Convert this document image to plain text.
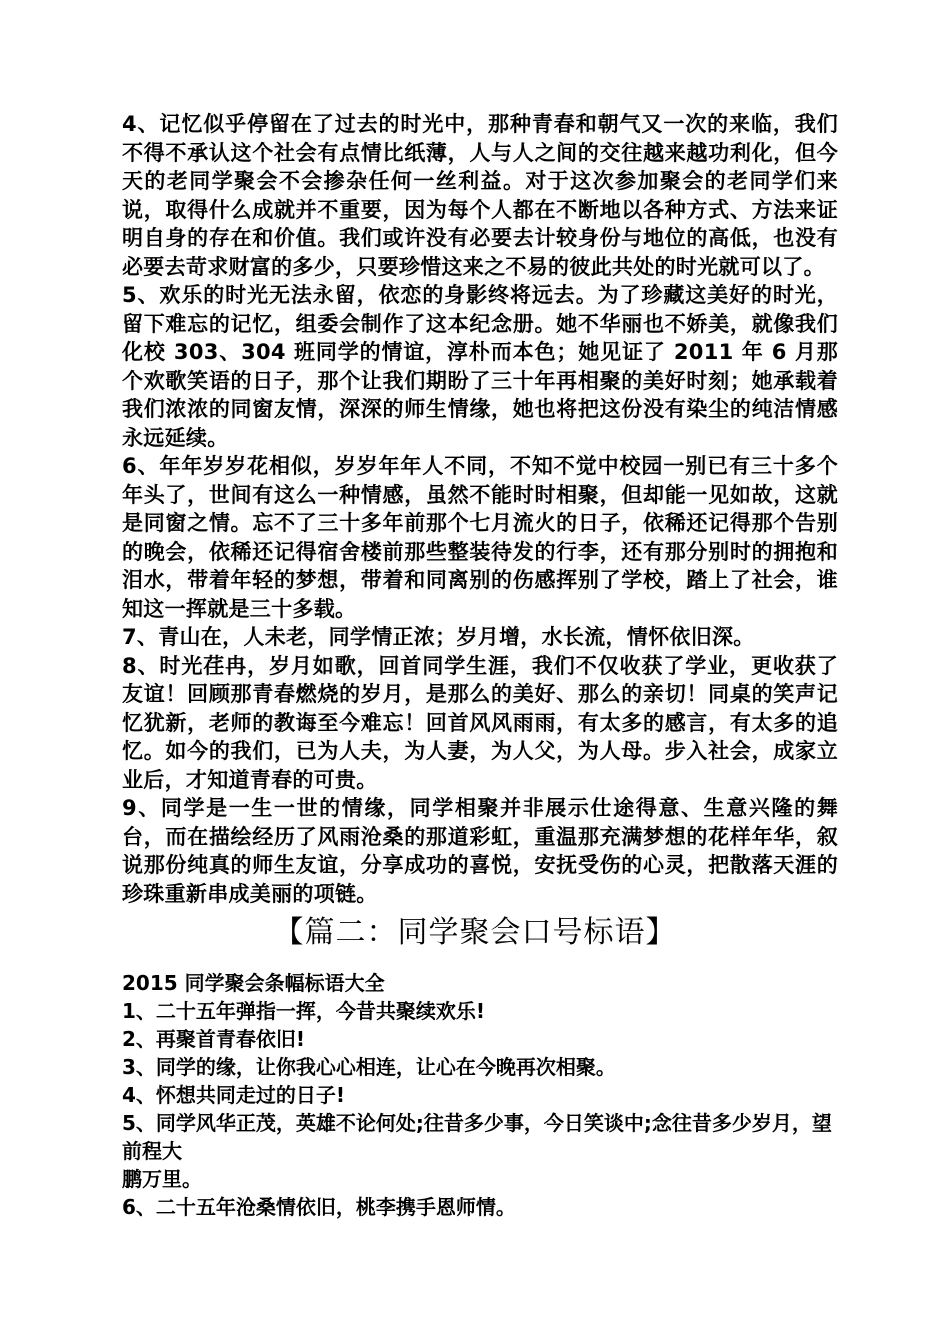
4、记忆似乎停留在了过去的时光中，那种青春和朝气又一次的来临，我们不得不承认这个社会有点情比纸薄，人与人之间的交往越来越功利化，但今天的老同学聚会不会掺杂任何一丝利益。对于这次参加聚会的老同学们来说，取得什么成就并不重要，因为每个人都在不断地以各种方式、方法来证明自身的存在和价值。我们或许没有必要去计较身份与地位的高低，也没有必要去苛求财富的多少，只要珍惜这来之不易的彼此共处的时光就可以了。

5、欢乐的时光无法永留，依恋的身影终将远去。为了珍藏这美好的时光，留下难忘的记忆，组委会制作了这本纪念册。她不华丽也不娇美，就像我们化校 303、304 班同学的情谊，淳朴而本色；她见证了 2011 年 6 月那个欢歌笑语的日子，那个让我们期盼了三十年再相聚的美好时刻；她承载着我们浓浓的同窗友情，深深的师生情缘，她也将把这份没有染尘的纯洁情感永远延续。

6、年年岁岁花相似，岁岁年年人不同，不知不觉中校园一别已有三十多个年头了，世间有这么一种情感，虽然不能时时相聚，但却能一见如故，这就是同窗之情。忘不了三十多年前那个七月流火的日子，依稀还记得那个告别的晚会，依稀还记得宿舍楼前那些整装待发的行李，还有那分别时的拥抱和泪水，带着年轻的梦想，带着和同离别的伤感挥别了学校，踏上了社会，谁知这一挥就是三十多载。

7、青山在，人未老，同学情正浓；岁月增，水长流，情怀依旧深。

8、时光荏冉，岁月如歌，回首同学生涯，我们不仅收获了学业，更收获了友谊！回顾那青春燃烧的岁月，是那么的美好、那么的亲切！同桌的笑声记忆犹新，老师的教诲至今难忘！回首风风雨雨，有太多的感言，有太多的追忆。如今的我们，已为人夫，为人妻，为人父，为人母。步入社会，成家立业后，才知道青春的可贵。

9、同学是一生一世的情缘，同学相聚并非展示仕途得意、生意兴隆的舞台，而在描绘经历了风雨沧桑的那道彩虹，重温那充满梦想的花样年华，叙说那份纯真的师生友谊，分享成功的喜悦，安抚受伤的心灵，把散落天涯的珍珠重新串成美丽的项链。

【篇二：同学聚会口号标语】

2015 同学聚会条幅标语大全

1、二十五年弹指一挥，今昔共聚续欢乐!

2、再聚首青春依旧!

3、同学的缘，让你我心心相连，让心在今晚再次相聚。

4、怀想共同走过的日子!

5、同学风华正茂，英雄不论何处;往昔多少事，今日笑谈中;念往昔多少岁月，望前程大

鹏万里。

6、二十五年沧桑情依旧，桃李携手恩师情。
